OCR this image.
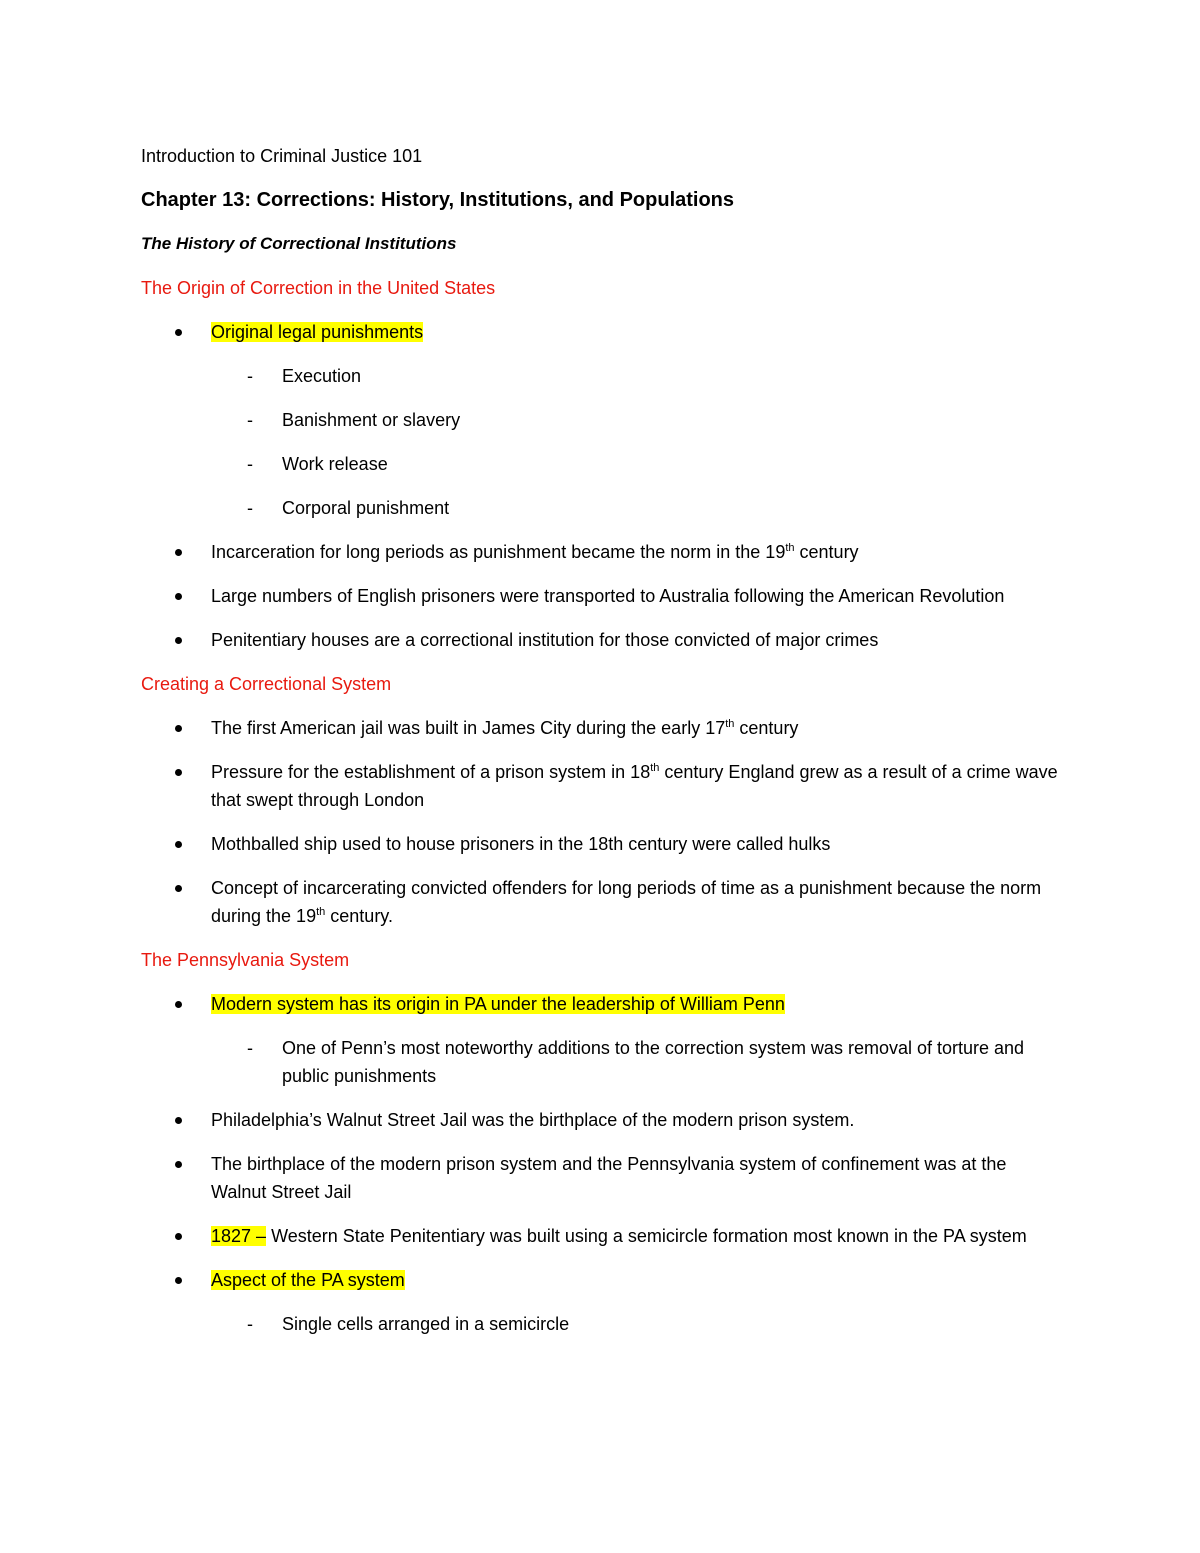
Introduction to Criminal Justice 101

Chapter 13: Corrections: History, Institutions, and Populations

The History of Correctional Institutions

The Origin of Correction in the United States

Original legal punishments
- Execution
- Banishment or slavery
- Work release
- Corporal punishment
Incarceration for long periods as punishment became the norm in the 19th century
Large numbers of English prisoners were transported to Australia following the American Revolution
Penitentiary houses are a correctional institution for those convicted of major crimes

Creating a Correctional System

The first American jail was built in James City during the early 17th century
Pressure for the establishment of a prison system in 18th century England grew as a result of a crime wave that swept through London
Mothballed ship used to house prisoners in the 18th century were called hulks
Concept of incarcerating convicted offenders for long periods of time as a punishment because the norm during the 19th century.

The Pennsylvania System

Modern system has its origin in PA under the leadership of William Penn
- One of Penn’s most noteworthy additions to the correction system was removal of torture and public punishments
Philadelphia’s Walnut Street Jail was the birthplace of the modern prison system.
The birthplace of the modern prison system and the Pennsylvania system of confinement was at the Walnut Street Jail
1827 – Western State Penitentiary was built using a semicircle formation most known in the PA system
Aspect of the PA system
- Single cells arranged in a semicircle
